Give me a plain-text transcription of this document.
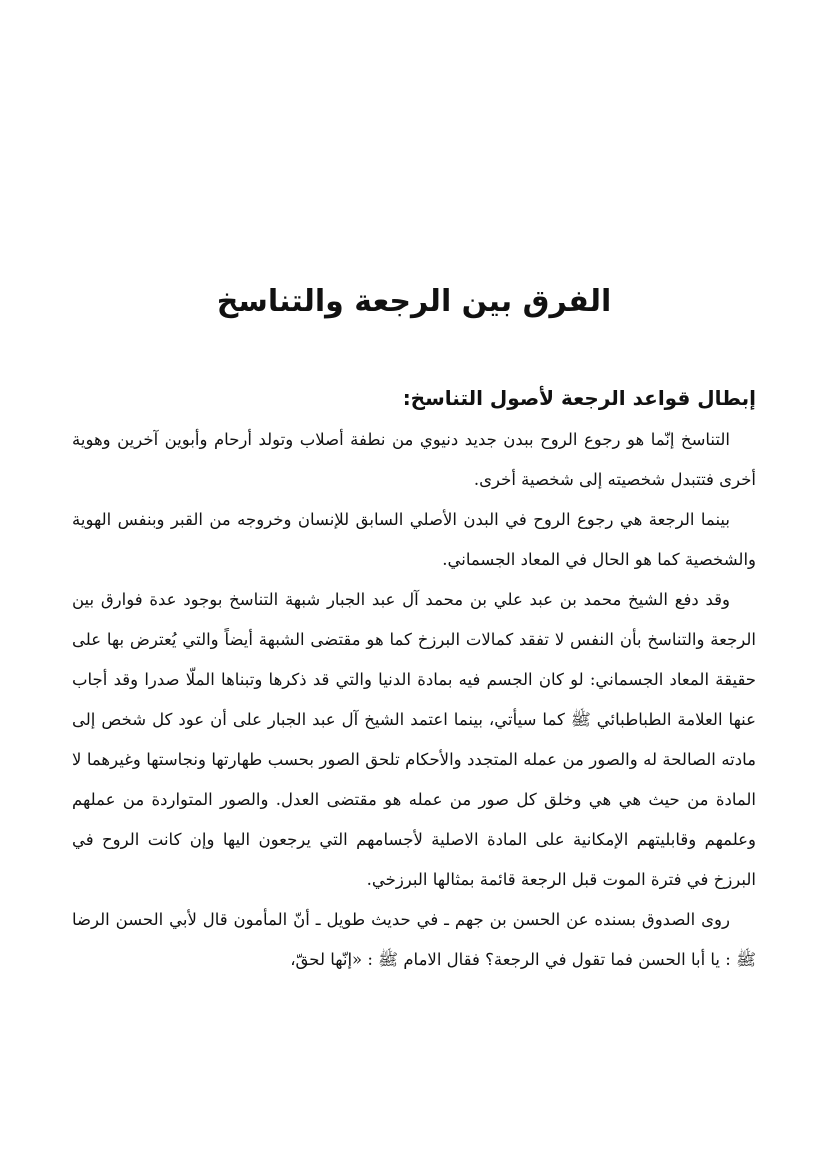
الفرق بين الرجعة والتناسخ
إبطال قواعد الرجعة لأصول التناسخ:

التناسخ إنّما هو رجوع الروح ببدن جديد دنيوي من نطفة أصلاب وتولد أرحام وأبوين آخرين وهوية أخرى فتتبدل شخصيته إلى شخصية أخرى.

بينما الرجعة هي رجوع الروح في البدن الأصلي السابق للإنسان وخروجه من القبر وبنفس الهوية والشخصية كما هو الحال في المعاد الجسماني.

وقد دفع الشيخ محمد بن عبد علي بن محمد آل عبد الجبار شبهة التناسخ بوجود عدة فوارق بين الرجعة والتناسخ بأن النفس لا تفقد كمالات البرزخ كما هو مقتضى الشبهة أيضاً والتي يُعترض بها على حقيقة المعاد الجسماني: لو كان الجسم فيه بمادة الدنيا والتي قد ذكرها وتبناها الملّا صدرا وقد أجاب عنها العلامة الطباطبائي ﷺ كما سيأتي، بينما اعتمد الشيخ آل عبد الجبار على أن عود كل شخص إلى مادته الصالحة له والصور من عمله المتجدد والأحكام تلحق الصور بحسب طهارتها ونجاستها وغيرهما لا المادة من حيث هي هي وخلق كل صور من عمله هو مقتضى العدل. والصور المتواردة من عملهم وعلمهم وقابليتهم الإمكانية على المادة الاصلية لأجسامهم التي يرجعون اليها وإن كانت الروح في البرزخ في فترة الموت قبل الرجعة قائمة بمثالها البرزخي.

روى الصدوق بسنده عن الحسن بن جهم ـ في حديث طويل ـ أنّ المأمون قال لأبي الحسن الرضا ﷺ : يا أبا الحسن فما تقول في الرجعة؟ فقال الامام ﷺ : «إنّها لحقّ،
